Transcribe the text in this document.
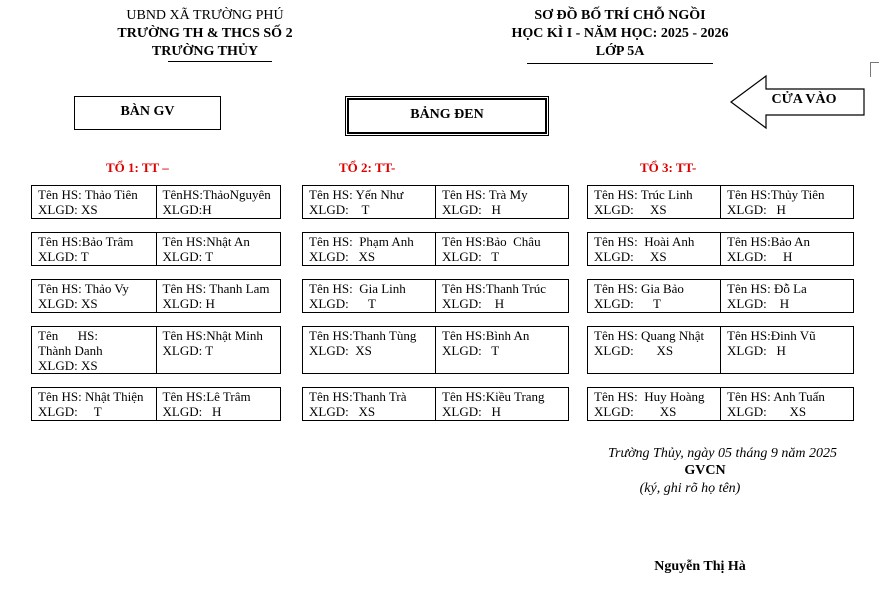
UBND XÃ TRƯỜNG PHÚ
TRƯỜNG TH & THCS SỐ 2
TRƯỜNG THỦY
SƠ ĐỒ BỐ TRÍ CHỖ NGỒI
HỌC KÌ I - NĂM HỌC: 2025 - 2026
LỚP 5A
BÀN GV	BẢNG ĐEN
CỬA VÀO
TỔ 1: TT –	TỔ 2: TT-	TỔ 3: TT-
Tên HS: Thảo Tiên
XLGD: XS
TênHS:ThảoNguyên
XLGD:H
Tên HS:Bảo Trâm
XLGD: T
Tên HS:Nhật An
XLGD: T
Tên HS: Thảo Vy
XLGD: XS
Tên HS: Thanh Lam
XLGD: H
Tên      HS:      Thành Danh
XLGD: XS
Tên HS:Nhật Minh
XLGD: T
Tên HS: Nhật Thiện
XLGD:     T
Tên HS:Lê Trâm
XLGD:   H
Tên HS: Yến Như
XLGD:    T
Tên HS: Trà My
XLGD:   H
Tên HS:  Phạm Anh
XLGD:   XS
Tên HS:Bảo  Châu
XLGD:   T
Tên HS:  Gia Linh
XLGD:      T
Tên HS:Thanh Trúc
XLGD:    H
Tên HS:Thanh Tùng
XLGD:  XS
Tên HS:Bình An
XLGD:   T
Tên HS:Thanh Trà
XLGD:   XS
Tên HS:Kiều Trang
XLGD:   H
Tên HS: Trúc Linh
XLGD:     XS
Tên HS:Thủy Tiên
XLGD:   H
Tên HS:  Hoài Anh
XLGD:     XS
Tên HS:Bảo An
XLGD:     H
Tên HS: Gia Bảo
XLGD:      T
Tên HS: Đỗ La
XLGD:    H
Tên HS: Quang Nhật
XLGD:       XS
Tên HS:Đinh Vũ
XLGD:   H
Tên HS:  Huy Hoàng
XLGD:        XS
Tên HS: Anh Tuấn
XLGD:       XS
Trường Thủy, ngày 05 tháng 9 năm 2025
GVCN
(ký, ghi rõ họ tên)
Nguyễn Thị Hà
